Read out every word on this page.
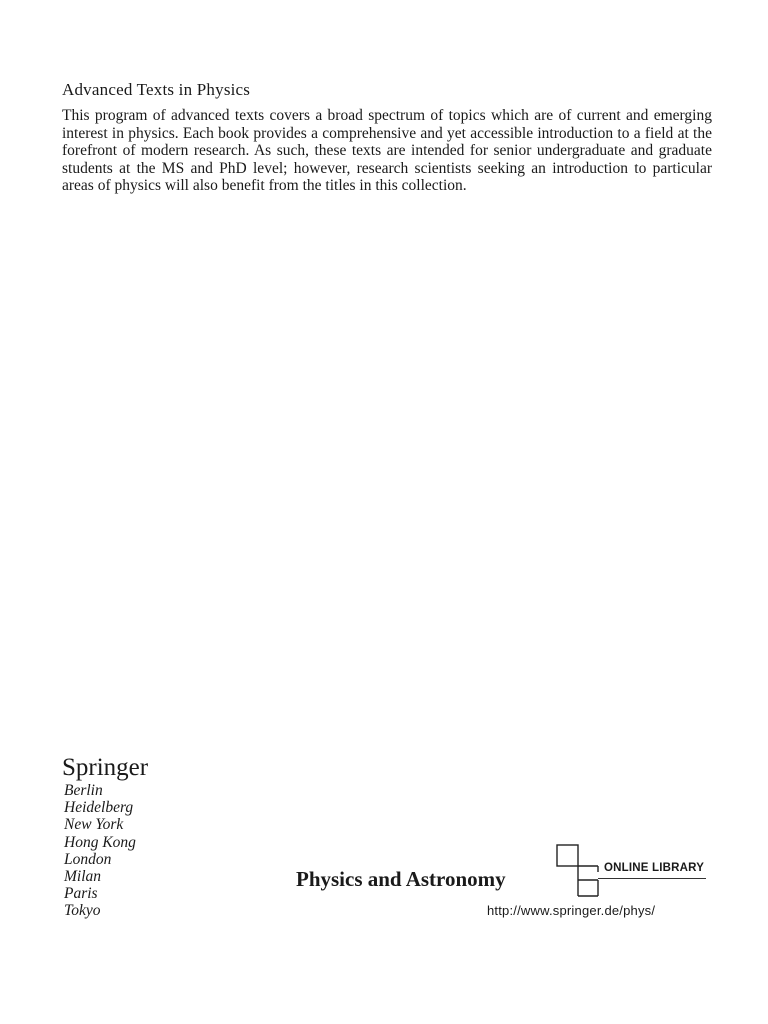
Advanced Texts in Physics
This program of advanced texts covers a broad spectrum of topics which are of current and emerging interest in physics. Each book provides a comprehensive and yet accessible introduction to a field at the forefront of modern research. As such, these texts are intended for senior undergraduate and graduate students at the MS and PhD level; however, research scientists seeking an introduction to particular areas of physics will also benefit from the titles in this collection.
Springer
Berlin
Heidelberg
New York
Hong Kong
London
Milan
Paris
Tokyo
Physics and Astronomy	ONLINE LIBRARY
http://www.springer.de/phys/
